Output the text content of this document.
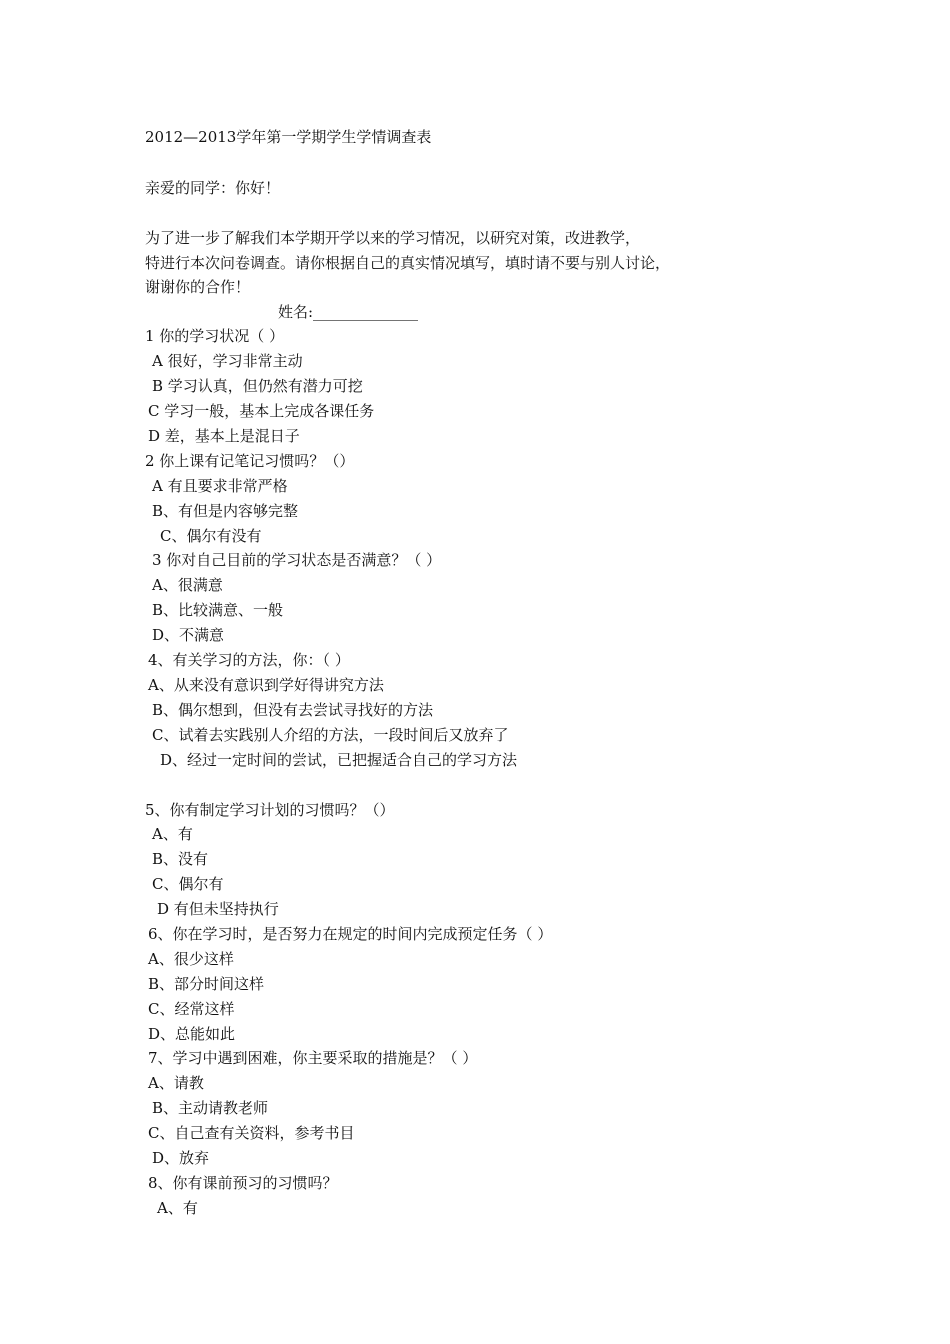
2012—2013学年第一学期学生学情调查表

亲爱的同学：你好！

为了进一步了解我们本学期开学以来的学习情况，以研究对策，改进教学，

特进行本次问卷调查。请你根据自己的真实情况填写，填时请不要与别人讨论，

谢谢你的合作！

姓名:______________

1 你的学习状况（ ）

A 很好，学习非常主动

B 学习认真，但仍然有潜力可挖

C 学习一般，基本上完成各课任务

D 差，基本上是混日子

2 你上课有记笔记习惯吗？（）

A 有且要求非常严格

B、有但是内容够完整

C、偶尔有没有

3 你对自己目前的学习状态是否满意？（ ）

A、很满意

B、比较满意、一般

D、不满意

4、有关学习的方法，你：（ ）

A、从来没有意识到学好得讲究方法

B、偶尔想到，但没有去尝试寻找好的方法

C、试着去实践别人介绍的方法，一段时间后又放弃了

D、经过一定时间的尝试，已把握适合自己的学习方法

5、你有制定学习计划的习惯吗？（）

A、有

B、没有

C、偶尔有

D 有但未坚持执行

6、你在学习时，是否努力在规定的时间内完成预定任务（ ）

A、很少这样

B、部分时间这样

C、经常这样

D、总能如此

7、学习中遇到困难，你主要采取的措施是？（ ）

A、请教

B、主动请教老师

C、自己查有关资料，参考书目

D、放弃

8、你有课前预习的习惯吗？

A、有
